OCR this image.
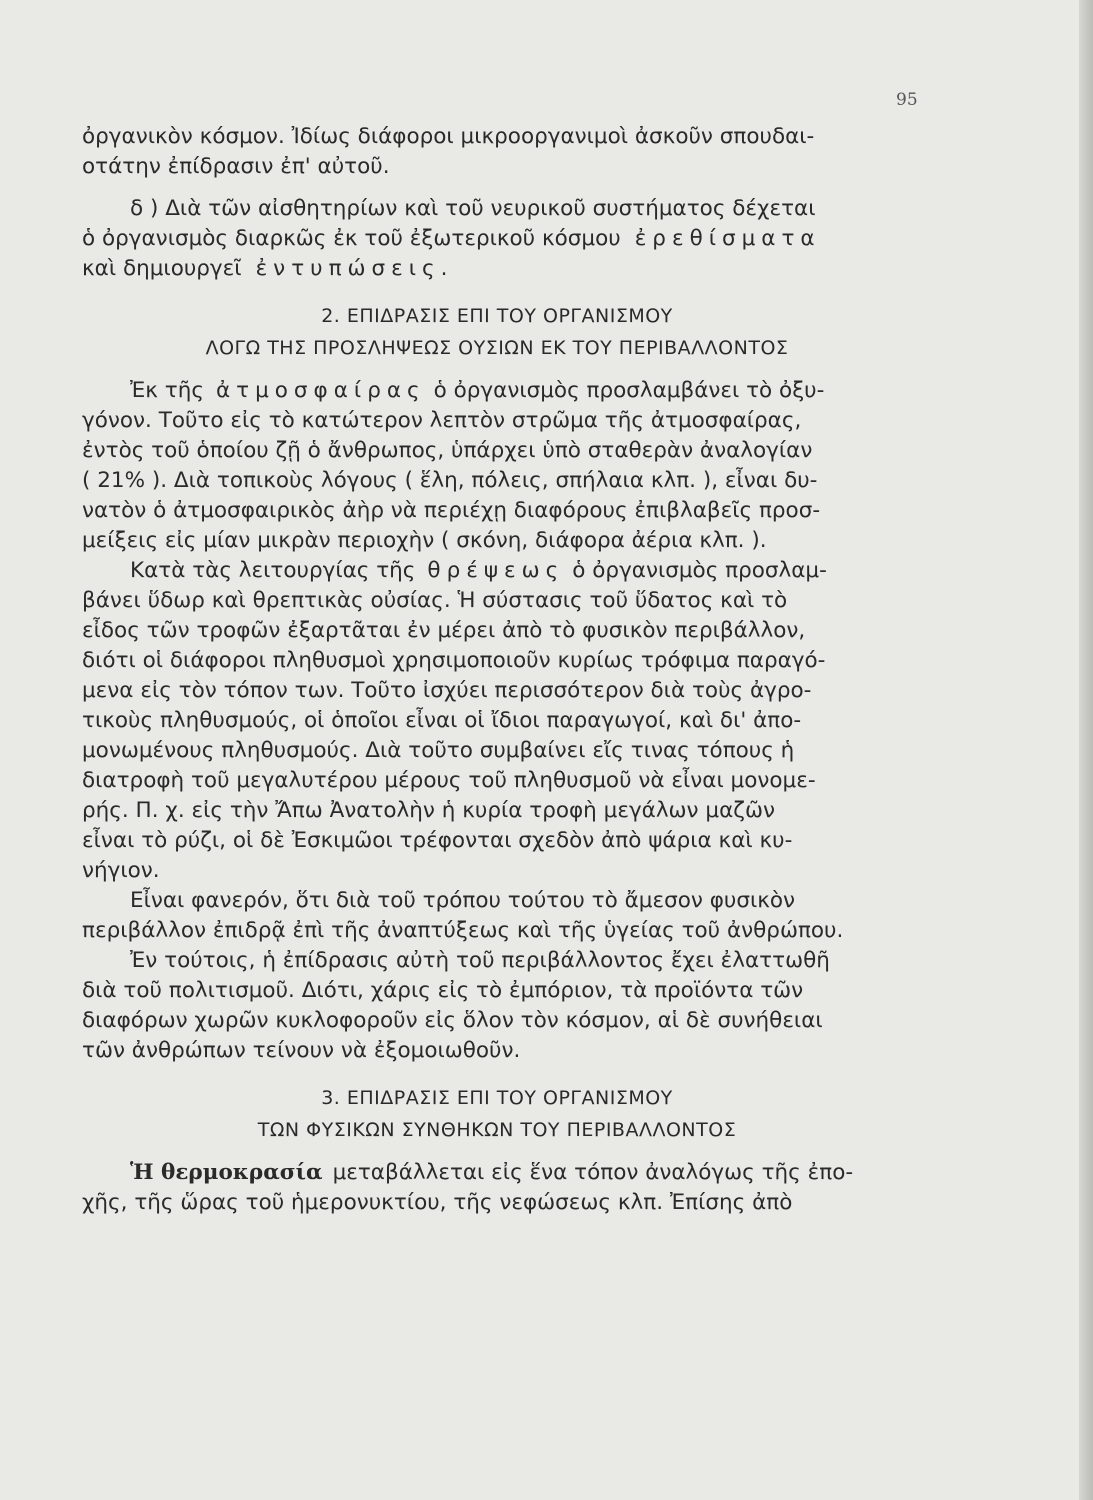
95
ὀργανικὸν κόσμον. Ἰδίως διάφοροι μικροοργανιμοὶ ἀσκοῦν σπουδαι-
οτάτην ἐπίδρασιν ἐπ' αὐτοῦ.
δ ) Διὰ τῶν αἰσθητηρίων καὶ τοῦ νευρικοῦ συστήματος δέχεται
ὁ ὀργανισμὸς διαρκῶς ἐκ τοῦ ἐξωτερικοῦ κόσμου ἐρεθίσματα
καὶ δημιουργεῖ ἐντυπώσεις.
2. ΕΠΙΔΡΑΣΙΣ ΕΠΙ ΤΟΥ ΟΡΓΑΝΙΣΜΟΥ
ΛΟΓΩ ΤΗΣ ΠΡΟΣΛΗΨΕΩΣ ΟΥΣΙΩΝ ΕΚ ΤΟΥ ΠΕΡΙΒΑΛΛΟΝΤΟΣ
Ἐκ τῆς ἀτμοσφαίρας ὁ ὀργανισμὸς προσλαμβάνει τὸ ὀξυ-
γόνον. Τοῦτο εἰς τὸ κατώτερον λεπτὸν στρῶμα τῆς ἀτμοσφαίρας,
ἐντὸς τοῦ ὁποίου ζῇ ὁ ἄνθρωπος, ὑπάρχει ὑπὸ σταθερὰν ἀναλογίαν
( 21% ). Διὰ τοπικοὺς λόγους ( ἕλη, πόλεις, σπήλαια κλπ. ), εἶναι δυ-
νατὸν ὁ ἀτμοσφαιρικὸς ἀὴρ νὰ περιέχῃ διαφόρους ἐπιβλαβεῖς προσ-
μείξεις εἰς μίαν μικρὰν περιοχὴν ( σκόνη, διάφορα ἀέρια κλπ. ).
Κατὰ τὰς λειτουργίας τῆς θρέψεως ὁ ὀργανισμὸς προσλαμ-
βάνει ὕδωρ καὶ θρεπτικὰς οὐσίας. Ἡ σύστασις τοῦ ὕδατος καὶ τὸ
εἶδος τῶν τροφῶν ἐξαρτᾶται ἐν μέρει ἀπὸ τὸ φυσικὸν περιβάλλον,
διότι οἱ διάφοροι πληθυσμοὶ χρησιμοποιοῦν κυρίως τρόφιμα παραγό-
μενα εἰς τὸν τόπον των. Τοῦτο ἰσχύει περισσότερον διὰ τοὺς ἀγρο-
τικοὺς πληθυσμούς, οἱ ὁποῖοι εἶναι οἱ ἴδιοι παραγωγοί, καὶ δι' ἀπο-
μονωμένους πληθυσμούς. Διὰ τοῦτο συμβαίνει εἴς τινας τόπους ἡ
διατροφὴ τοῦ μεγαλυτέρου μέρους τοῦ πληθυσμοῦ νὰ εἶναι μονομε-
ρής. Π. χ. εἰς τὴν Ἄπω Ἀνατολὴν ἡ κυρία τροφὴ μεγάλων μαζῶν
εἶναι τὸ ρύζι, οἱ δὲ Ἐσκιμῶοι τρέφονται σχεδὸν ἀπὸ ψάρια καὶ κυ-
νήγιον.
Εἶναι φανερόν, ὅτι διὰ τοῦ τρόπου τούτου τὸ ἄμεσον φυσικὸν
περιβάλλον ἐπιδρᾷ ἐπὶ τῆς ἀναπτύξεως καὶ τῆς ὑγείας τοῦ ἀνθρώπου.
Ἐν τούτοις, ἡ ἐπίδρασις αὐτὴ τοῦ περιβάλλοντος ἔχει ἐλαττωθῆ
διὰ τοῦ πολιτισμοῦ. Διότι, χάρις εἰς τὸ ἐμπόριον, τὰ προϊόντα τῶν
διαφόρων χωρῶν κυκλοφοροῦν εἰς ὅλον τὸν κόσμον, αἱ δὲ συνήθειαι
τῶν ἀνθρώπων τείνουν νὰ ἐξομοιωθοῦν.
3. ΕΠΙΔΡΑΣΙΣ ΕΠΙ ΤΟΥ ΟΡΓΑΝΙΣΜΟΥ
ΤΩΝ ΦΥΣΙΚΩΝ ΣΥΝΘΗΚΩΝ ΤΟΥ ΠΕΡΙΒΑΛΛΟΝΤΟΣ
Ἡ θερμοκρασία μεταβάλλεται εἰς ἕνα τόπον ἀναλόγως τῆς ἐπο-
χῆς, τῆς ὥρας τοῦ ἡμερονυκτίου, τῆς νεφώσεως κλπ. Ἐπίσης ἀπὸ
